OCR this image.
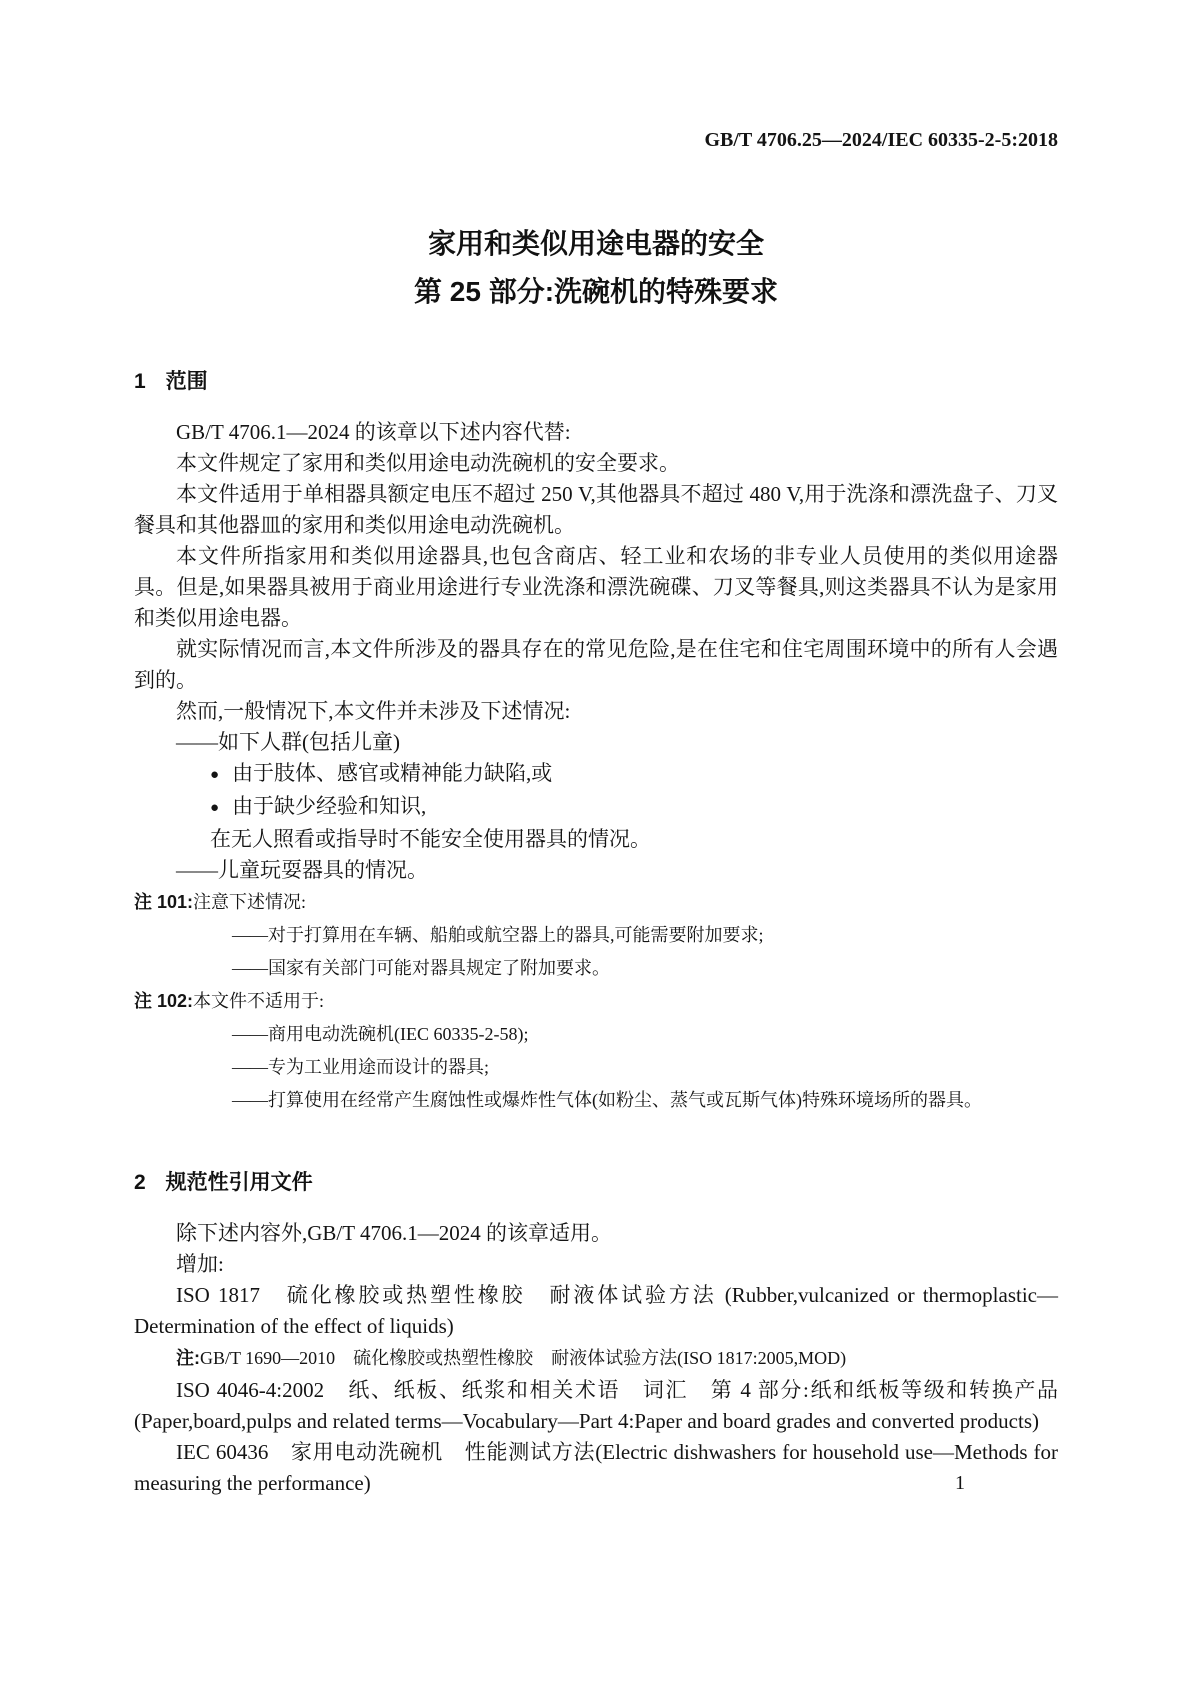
GB/T 4706.25—2024/IEC 60335-2-5:2018
家用和类似用途电器的安全
第 25 部分:洗碗机的特殊要求
1 范围

GB/T 4706.1—2024 的该章以下述内容代替:

本文件规定了家用和类似用途电动洗碗机的安全要求。

本文件适用于单相器具额定电压不超过 250 V,其他器具不超过 480 V,用于洗涤和漂洗盘子、刀叉餐具和其他器皿的家用和类似用途电动洗碗机。

本文件所指家用和类似用途器具,也包含商店、轻工业和农场的非专业人员使用的类似用途器具。但是,如果器具被用于商业用途进行专业洗涤和漂洗碗碟、刀叉等餐具,则这类器具不认为是家用和类似用途电器。

就实际情况而言,本文件所涉及的器具存在的常见危险,是在住宅和住宅周围环境中的所有人会遇到的。

然而,一般情况下,本文件并未涉及下述情况:

——如下人群(包括儿童)

● 由于肢体、感官或精神能力缺陷,或

● 由于缺少经验和知识,

在无人照看或指导时不能安全使用器具的情况。

——儿童玩耍器具的情况。

注 101:注意下述情况:

——对于打算用在车辆、船舶或航空器上的器具,可能需要附加要求;

——国家有关部门可能对器具规定了附加要求。

注 102:本文件不适用于:

——商用电动洗碗机(IEC 60335-2-58);

——专为工业用途而设计的器具;

——打算使用在经常产生腐蚀性或爆炸性气体(如粉尘、蒸气或瓦斯气体)特殊环境场所的器具。

2 规范性引用文件

除下述内容外,GB/T 4706.1—2024 的该章适用。

增加:

ISO 1817　硫化橡胶或热塑性橡胶　耐液体试验方法 (Rubber,vulcanized or thermoplastic—Determination of the effect of liquids)

注:GB/T 1690—2010　硫化橡胶或热塑性橡胶　耐液体试验方法(ISO 1817:2005,MOD)

ISO 4046-4:2002　纸、纸板、纸浆和相关术语　词汇　第 4 部分:纸和纸板等级和转换产品 (Paper,board,pulps and related terms—Vocabulary—Part 4:Paper and board grades and converted products)

IEC 60436　家用电动洗碗机　性能测试方法(Electric dishwashers for household use—Methods for measuring the performance)	1
